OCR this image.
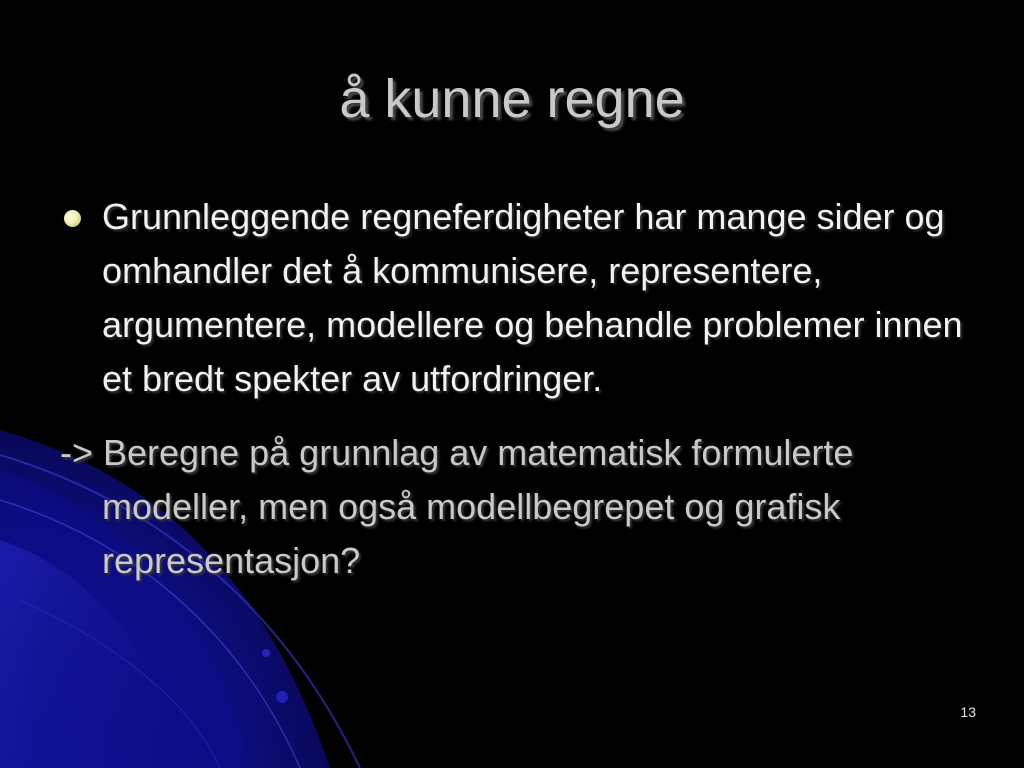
å kunne regne

Grunnleggende regneferdigheter har mange sider og omhandler det å kommunisere, representere, argumentere, modellere og behandle problemer innen et bredt spekter av utfordringer.

-> Beregne på grunnlag av matematisk formulerte modeller, men også modellbegrepet og grafisk representasjon?

13
